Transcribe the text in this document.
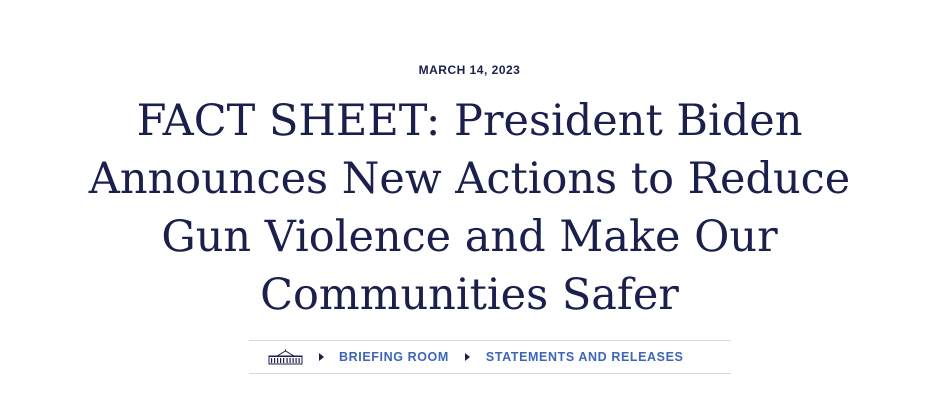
MARCH 14, 2023
FACT SHEET: President Biden Announces New Actions to Reduce Gun Violence and Make Our Communities Safer
BRIEFING ROOM	STATEMENTS AND RELEASES
